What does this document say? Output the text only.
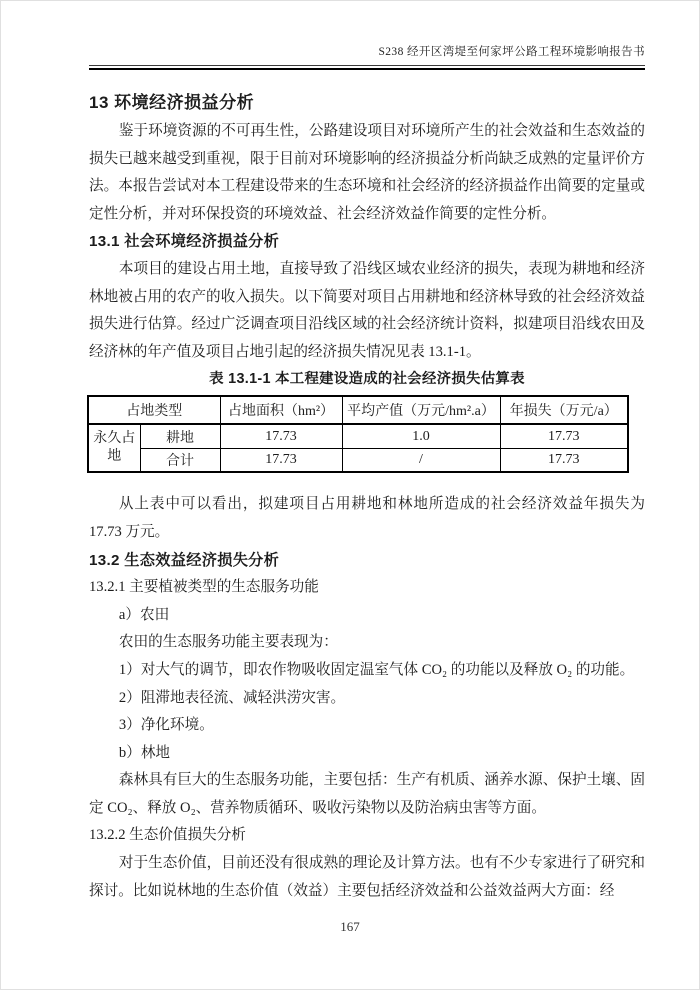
S238 经开区湾堤至何家坪公路工程环境影响报告书
13 环境经济损益分析

鉴于环境资源的不可再生性，公路建设项目对环境所产生的社会效益和生态效益的损失已越来越受到重视，限于目前对环境影响的经济损益分析尚缺乏成熟的定量评价方法。本报告尝试对本工程建设带来的生态环境和社会经济的经济损益作出简要的定量或定性分析，并对环保投资的环境效益、社会经济效益作简要的定性分析。

13.1 社会环境经济损益分析

本项目的建设占用土地，直接导致了沿线区域农业经济的损失，表现为耕地和经济林地被占用的农产的收入损失。以下简要对项目占用耕地和经济林导致的社会经济效益损失进行估算。经过广泛调查项目沿线区域的社会经济统计资料，拟建项目沿线农田及经济林的年产值及项目占地引起的经济损失情况见表 13.1-1。

表 13.1-1 本工程建设造成的社会经济损失估算表

占地类型		占地面积（hm²）	平均产值（万元/hm².a）	年损失（万元/a）
永久占地	耕地	17.73	1.0	17.73
	合计	17.73	/	17.73

从上表中可以看出，拟建项目占用耕地和林地所造成的社会经济效益年损失为 17.73 万元。

13.2 生态效益经济损失分析
13.2.1 主要植被类型的生态服务功能

a）农田

农田的生态服务功能主要表现为：

1）对大气的调节，即农作物吸收固定温室气体 CO₂ 的功能以及释放 O₂ 的功能。

2）阻滞地表径流、减轻洪涝灾害。

3）净化环境。

b）林地

森林具有巨大的生态服务功能，主要包括：生产有机质、涵养水源、保护土壤、固定 CO₂、释放 O₂、营养物质循环、吸收污染物以及防治病虫害等方面。

13.2.2 生态价值损失分析

对于生态价值，目前还没有很成熟的理论及计算方法。也有不少专家进行了研究和探讨。比如说林地的生态价值（效益）主要包括经济效益和公益效益两大方面：经

167
